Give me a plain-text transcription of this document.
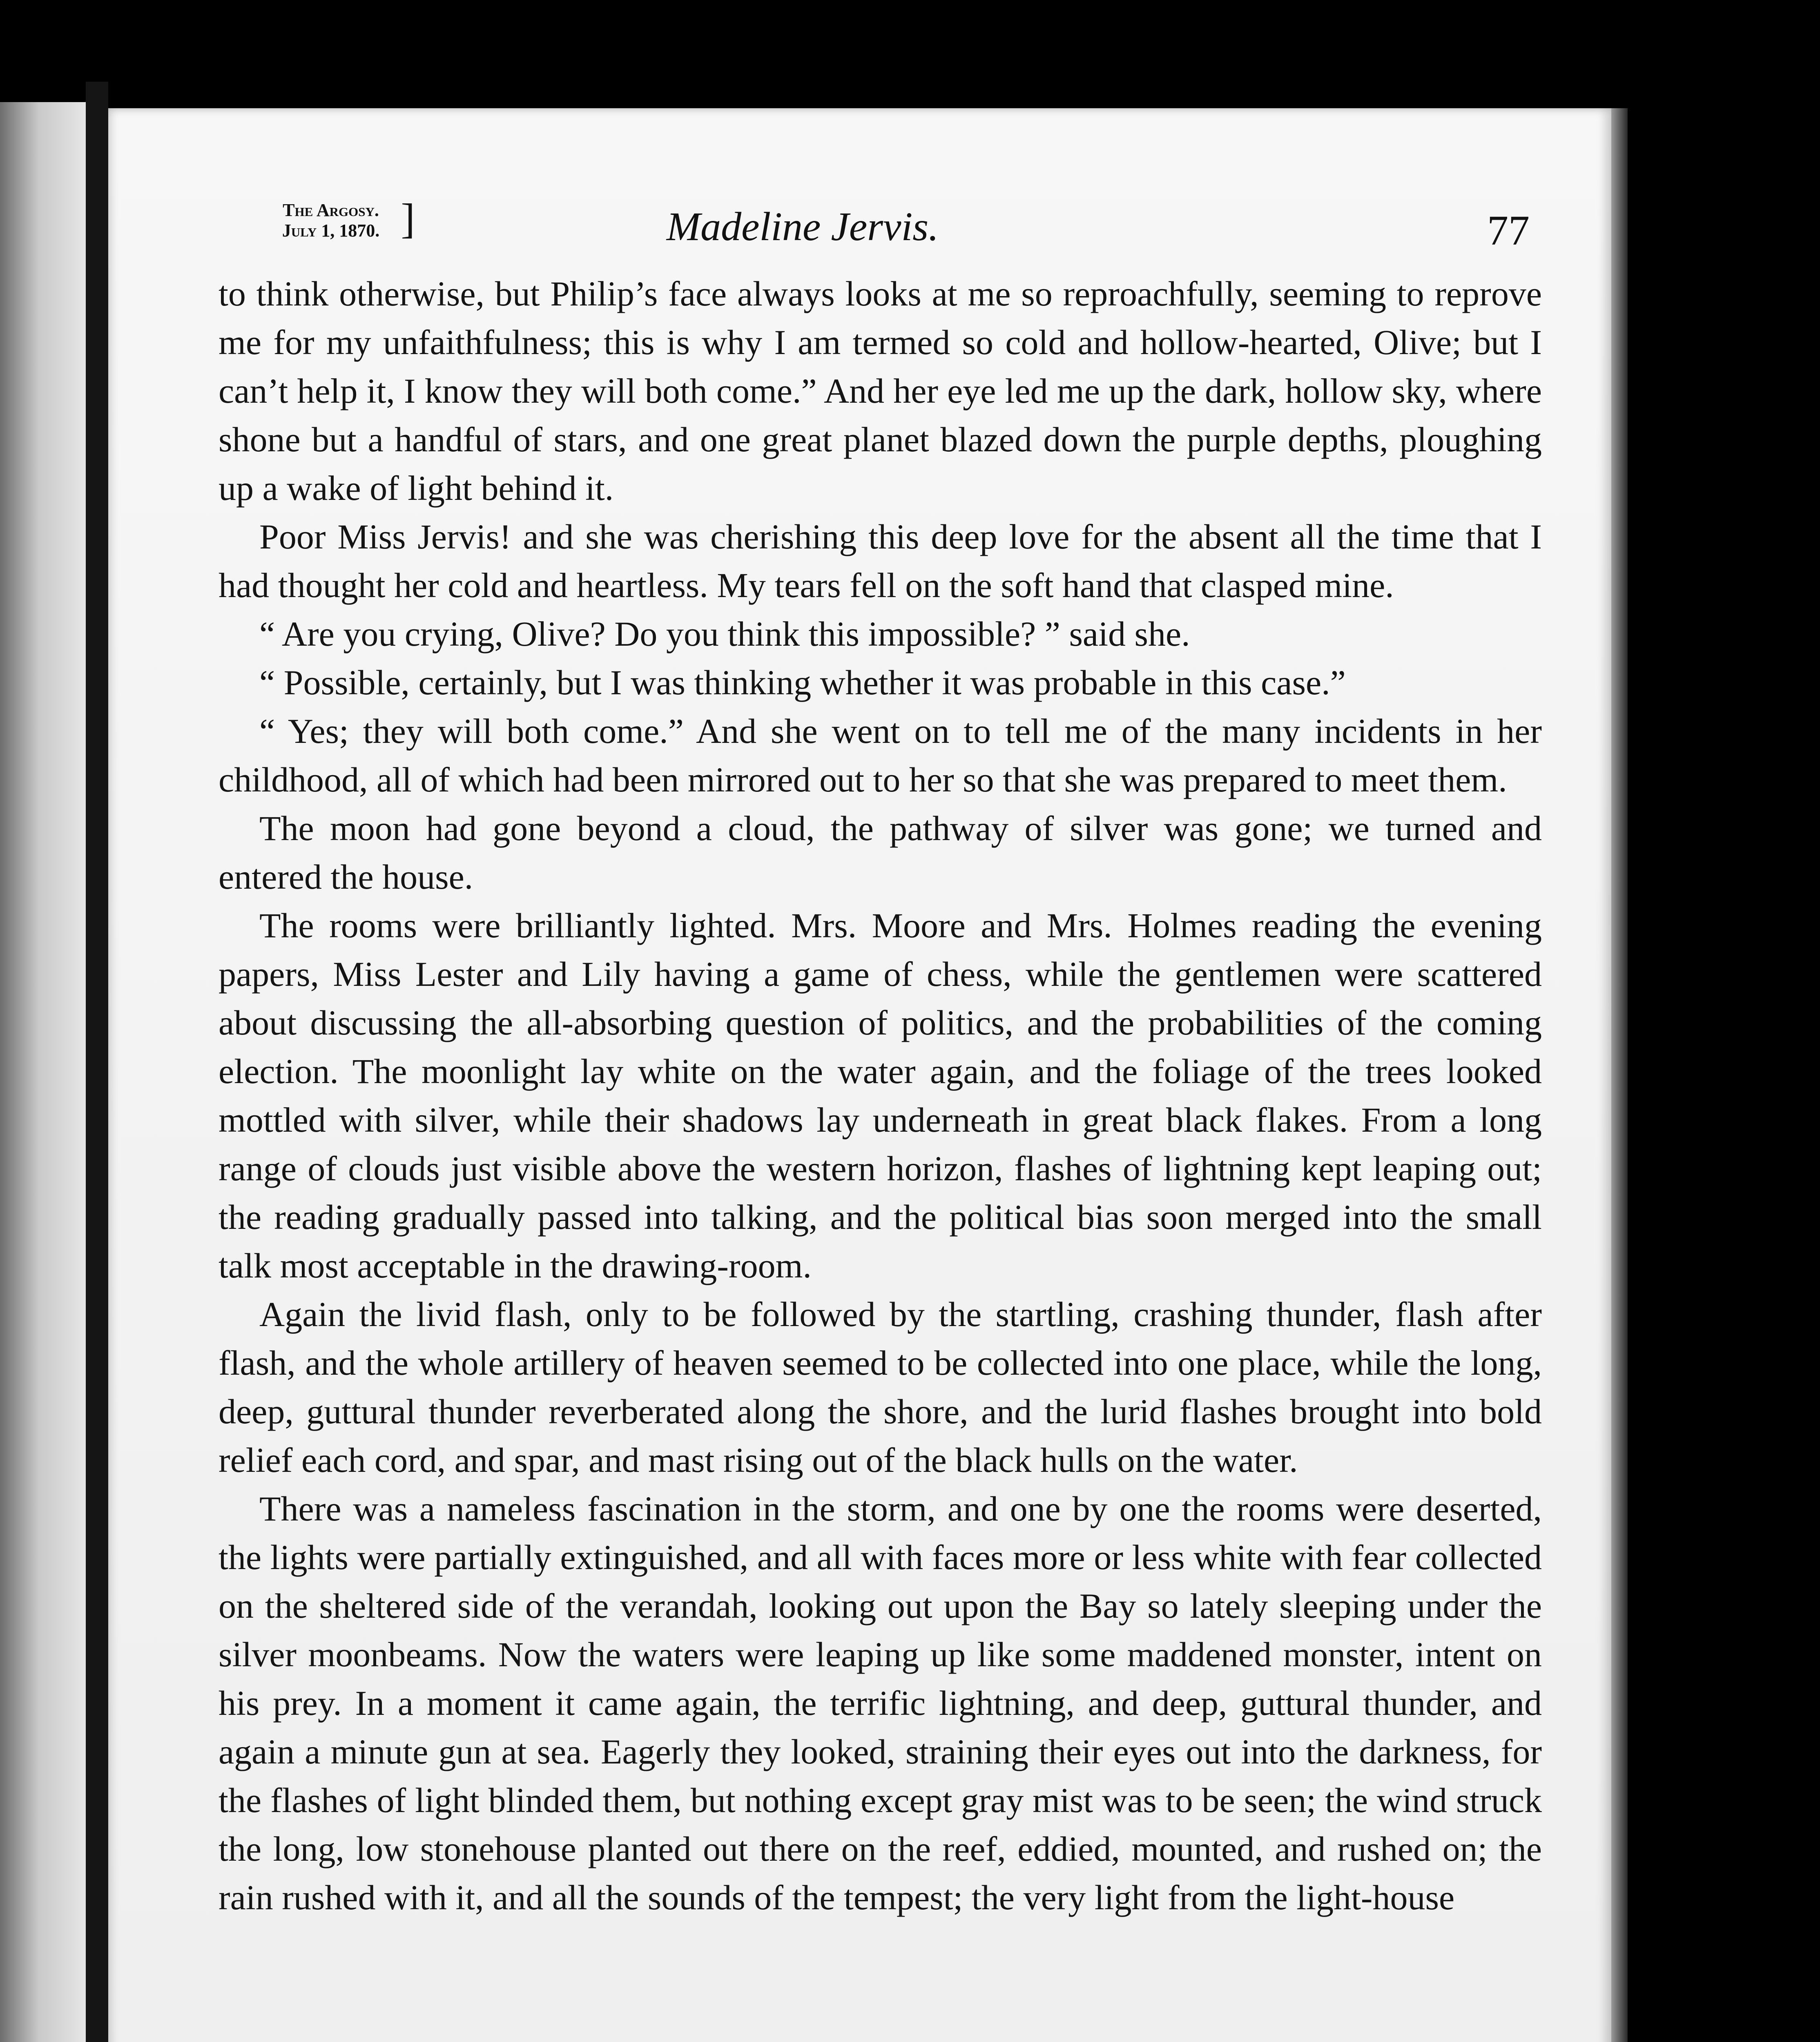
The Argosy.
July 1, 1870. ]	Madeline Jervis.	77

to think otherwise, but Philip’s face always looks at me so reproachfully, seeming to reprove me for my unfaithfulness; this is why I am termed so cold and hollow-hearted, Olive; but I can’t help it, I know they will both come.” And her eye led me up the dark, hollow sky, where shone but a handful of stars, and one great planet blazed down the purple depths, ploughing up a wake of light behind it.

Poor Miss Jervis! and she was cherishing this deep love for the absent all the time that I had thought her cold and heartless. My tears fell on the soft hand that clasped mine.

“ Are you crying, Olive? Do you think this impossible? ” said she.

“ Possible, certainly, but I was thinking whether it was probable in this case.”

“ Yes; they will both come.” And she went on to tell me of the many incidents in her childhood, all of which had been mirrored out to her so that she was prepared to meet them.

The moon had gone beyond a cloud, the pathway of silver was gone; we turned and entered the house.

The rooms were brilliantly lighted. Mrs. Moore and Mrs. Holmes reading the evening papers, Miss Lester and Lily having a game of chess, while the gentlemen were scattered about discussing the all-absorbing question of politics, and the probabilities of the coming election. The moonlight lay white on the water again, and the foliage of the trees looked mottled with silver, while their shadows lay underneath in great black flakes. From a long range of clouds just visible above the western horizon, flashes of lightning kept leaping out; the reading gradually passed into talking, and the political bias soon merged into the small talk most acceptable in the drawing-room.

Again the livid flash, only to be followed by the startling, crashing thunder, flash after flash, and the whole artillery of heaven seemed to be collected into one place, while the long, deep, guttural thunder reverberated along the shore, and the lurid flashes brought into bold relief each cord, and spar, and mast rising out of the black hulls on the water.

There was a nameless fascination in the storm, and one by one the rooms were deserted, the lights were partially extinguished, and all with faces more or less white with fear collected on the sheltered side of the verandah, looking out upon the Bay so lately sleeping under the silver moonbeams. Now the waters were leaping up like some maddened monster, intent on his prey. In a moment it came again, the terrific lightning, and deep, guttural thunder, and again a minute gun at sea. Eagerly they looked, straining their eyes out into the darkness, for the flashes of light blinded them, but nothing except gray mist was to be seen; the wind struck the long, low stonehouse planted out there on the reef, eddied, mounted, and rushed on; the rain rushed with it, and all the sounds of the tempest; the very light from the light-house
